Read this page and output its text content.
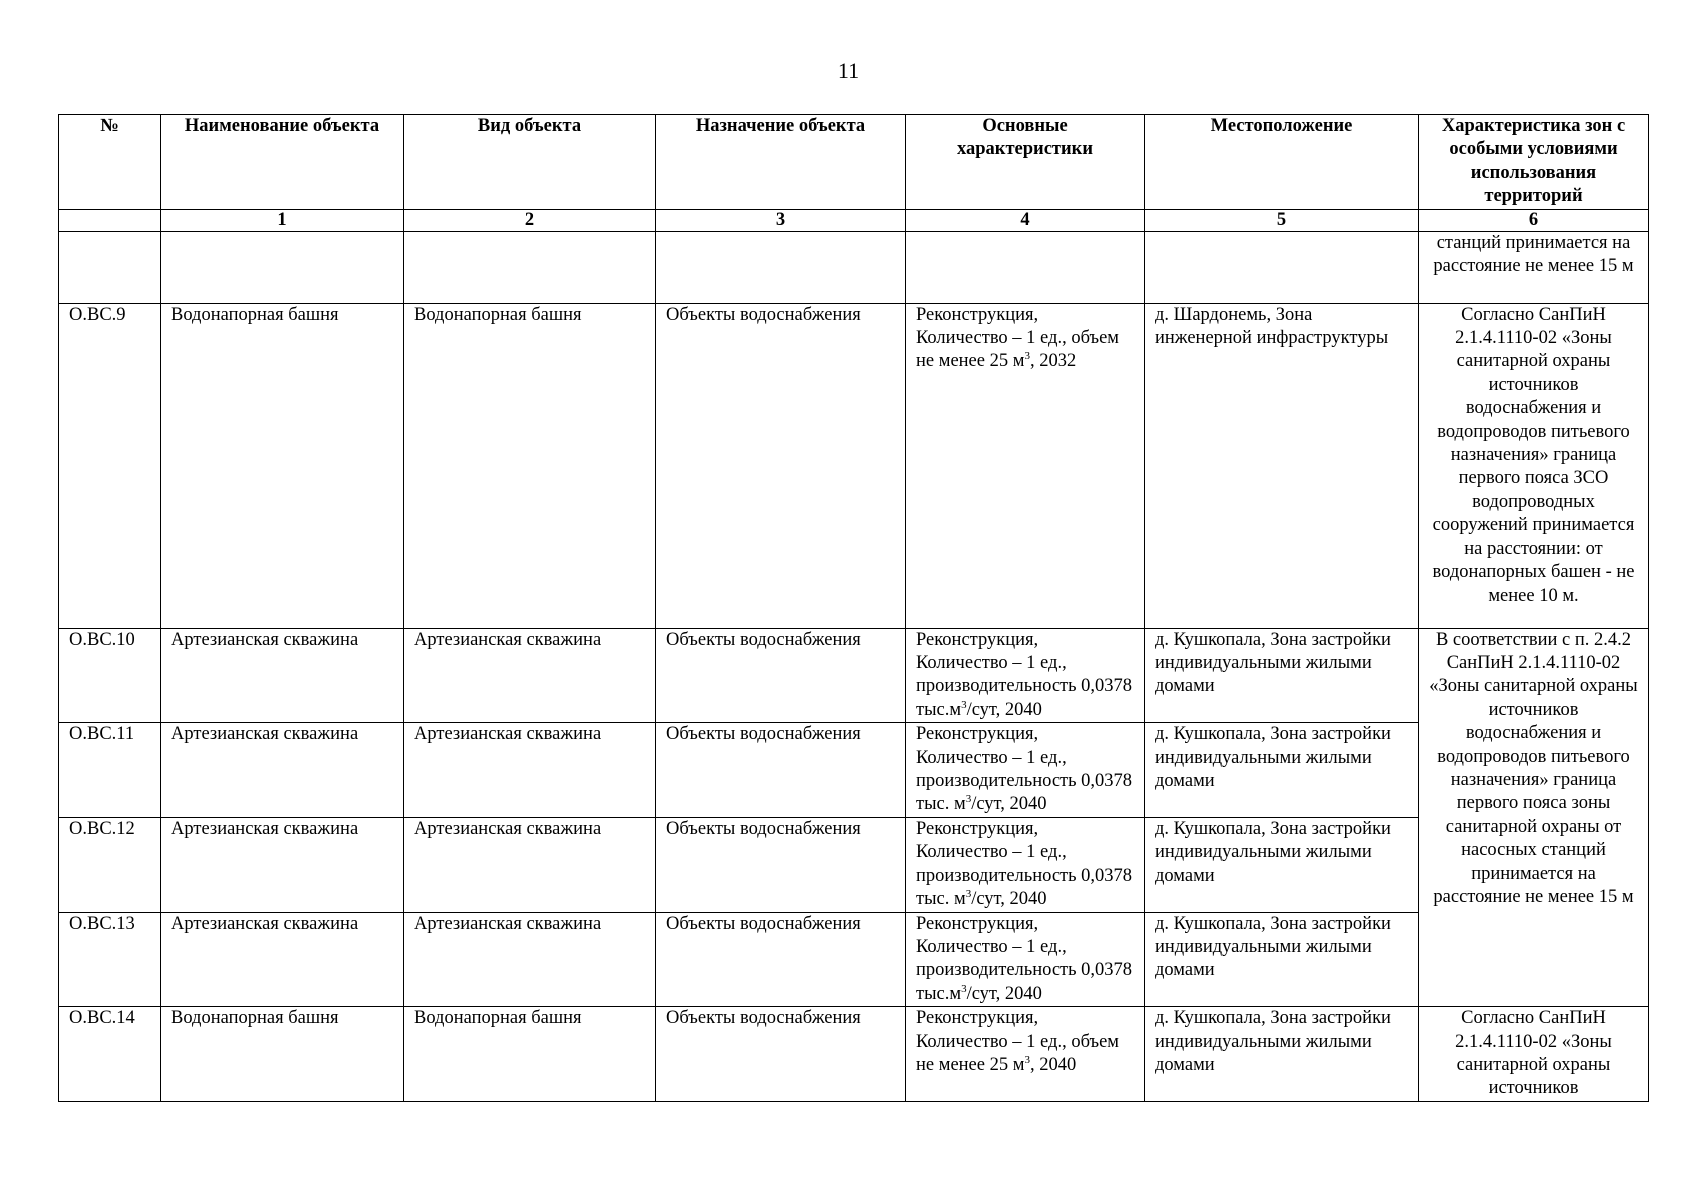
11
№	Наименование объекта	Вид объекта	Назначение объекта	Основные характеристики	Местоположение	Характеристика зон с особыми условиями использования территорий
	1	2	3	4	5	6
						станций принимается на расстояние не менее 15 м
О.ВС.9	Водонапорная башня	Водонапорная башня	Объекты водоснабжения	Реконструкция, Количество – 1 ед., объем не менее 25 $м^3$, 2032	д. Шардонемь, Зона инженерной инфраструктуры	Согласно СанПиН 2.1.4.1110-02 «Зоны санитарной охраны источников водоснабжения и водопроводов питьевого назначения» граница первого пояса ЗСО водопроводных сооружений принимается на расстоянии: от водонапорных башен - не менее 10 м.
О.ВС.10	Артезианская скважина	Артезианская скважина	Объекты водоснабжения	Реконструкция, Количество – 1 ед., производительность 0,0378 $тыс.м^3$/сут, 2040	д. Кушкопала, Зона застройки индивидуальными жилыми домами	В соответствии с п. 2.4.2 СанПиН 2.1.4.1110-02 «Зоны санитарной охраны источников водоснабжения и водопроводов питьевого назначения» граница первого пояса зоны санитарной охраны от насосных станций принимается на расстояние не менее 15 м
О.ВС.11	Артезианская скважина	Артезианская скважина	Объекты водоснабжения	Реконструкция, Количество – 1 ед., производительность 0,0378 тыс. $м^3$/сут, 2040	д. Кушкопала, Зона застройки индивидуальными жилыми домами	
О.ВС.12	Артезианская скважина	Артезианская скважина	Объекты водоснабжения	Реконструкция, Количество – 1 ед., производительность 0,0378 тыс. $м^3$/сут, 2040	д. Кушкопала, Зона застройки индивидуальными жилыми домами	
О.ВС.13	Артезианская скважина	Артезианская скважина	Объекты водоснабжения	Реконструкция, Количество – 1 ед., производительность 0,0378 $тыс.м^3$/сут, 2040	д. Кушкопала, Зона застройки индивидуальными жилыми домами	
О.ВС.14	Водонапорная башня	Водонапорная башня	Объекты водоснабжения	Реконструкция, Количество – 1 ед., объем не менее 25 $м^3$, 2040	д. Кушкопала, Зона застройки индивидуальными жилыми домами	Согласно СанПиН 2.1.4.1110-02 «Зоны санитарной охраны источников
